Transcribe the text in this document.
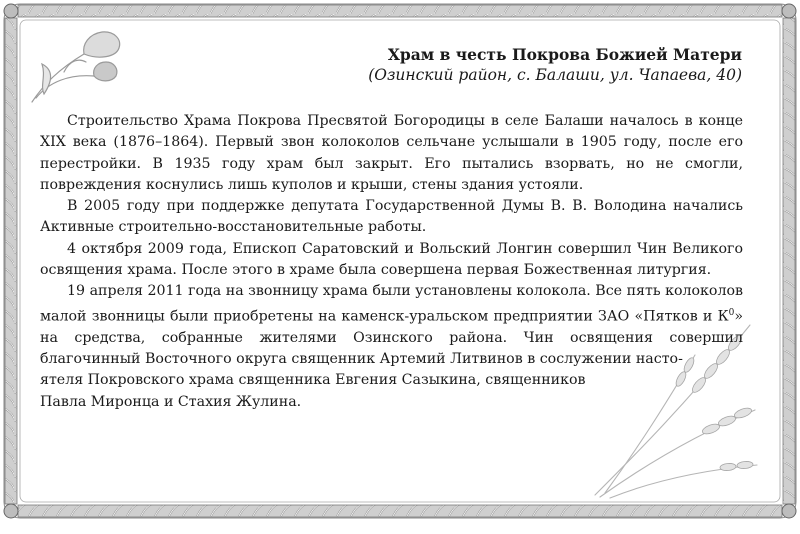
Храм в честь Покрова Божией Матери
(Озинский район, с. Балаши, ул. Чапаева, 40)

Строительство Храма Покрова Пресвятой Богородицы в селе Балаши началось в конце XIX века (1876–1864). Первый звон колоколов сельчане услышали в 1905 году, после его перестройки. В 1935 году храм был закрыт. Его пытались взорвать, но не смогли, повреждения коснулись лишь куполов и крыши, стены здания устояли.

В 2005 году при поддержке депутата Государственной Думы В. В. Володина начались Активные строительно-восстановительные работы.

4 октября 2009 года, Епископ Саратовский и Вольский Лонгин совершил Чин Великого освящения храма. После этого в храме была совершена первая Божественная литургия.

19 апреля 2011 года на звонницу храма были установлены колокола. Все пять колоколов малой звонницы были приобретены на каменск-уральском предприятии ЗАО «Пятков и $К^0$» на средства, собранные жителями Озинского района. Чин освящения совершил благочинный Восточного округа священник Артемий Литвинов в сослужении насто-

ятеля Покровского храма священника Евгения Сазыкина, священников
Павла Миронца и Стахия Жулина.
